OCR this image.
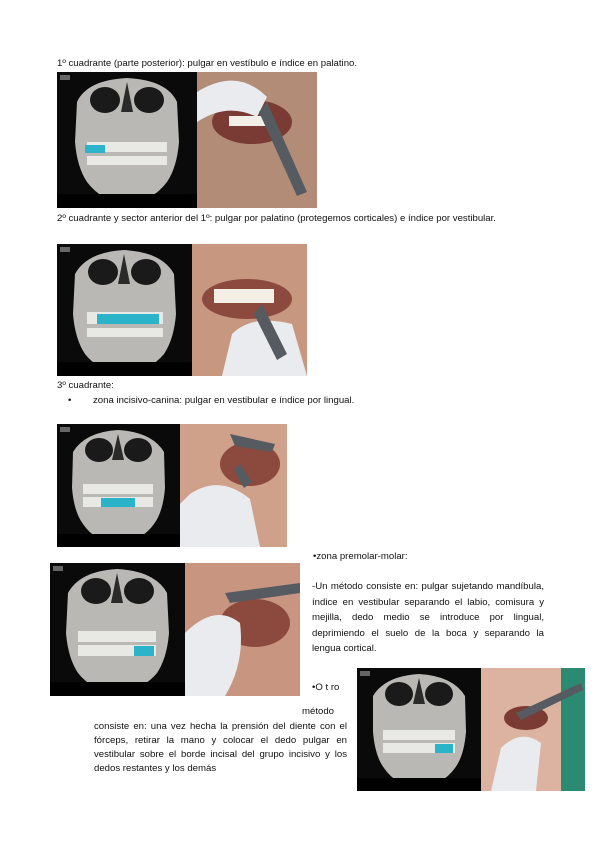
1º cuadrante (parte posterior): pulgar en vestíbulo e índice en palatino.
2º cuadrante y sector anterior del 1º: pulgar por palatino (protegemos corticales) e índice por vestibular.
3º cuadrante:
• zona incisivo-canina: pulgar en vestibular e índice por lingual.
•zona premolar-molar:
-Un método consiste en: pulgar sujetando mandíbula, índice en vestibular separando el labio, comisura y mejilla, dedo medio se introduce por lingual, deprimiendo el suelo de la boca y separando la lengua cortical.
•O t ro
método
consiste en: una vez hecha la prensión del diente con el fórceps, retirar la mano y colocar el dedo pulgar en vestibular sobre el borde incisal del grupo incisivo y los dedos restantes y los demás
